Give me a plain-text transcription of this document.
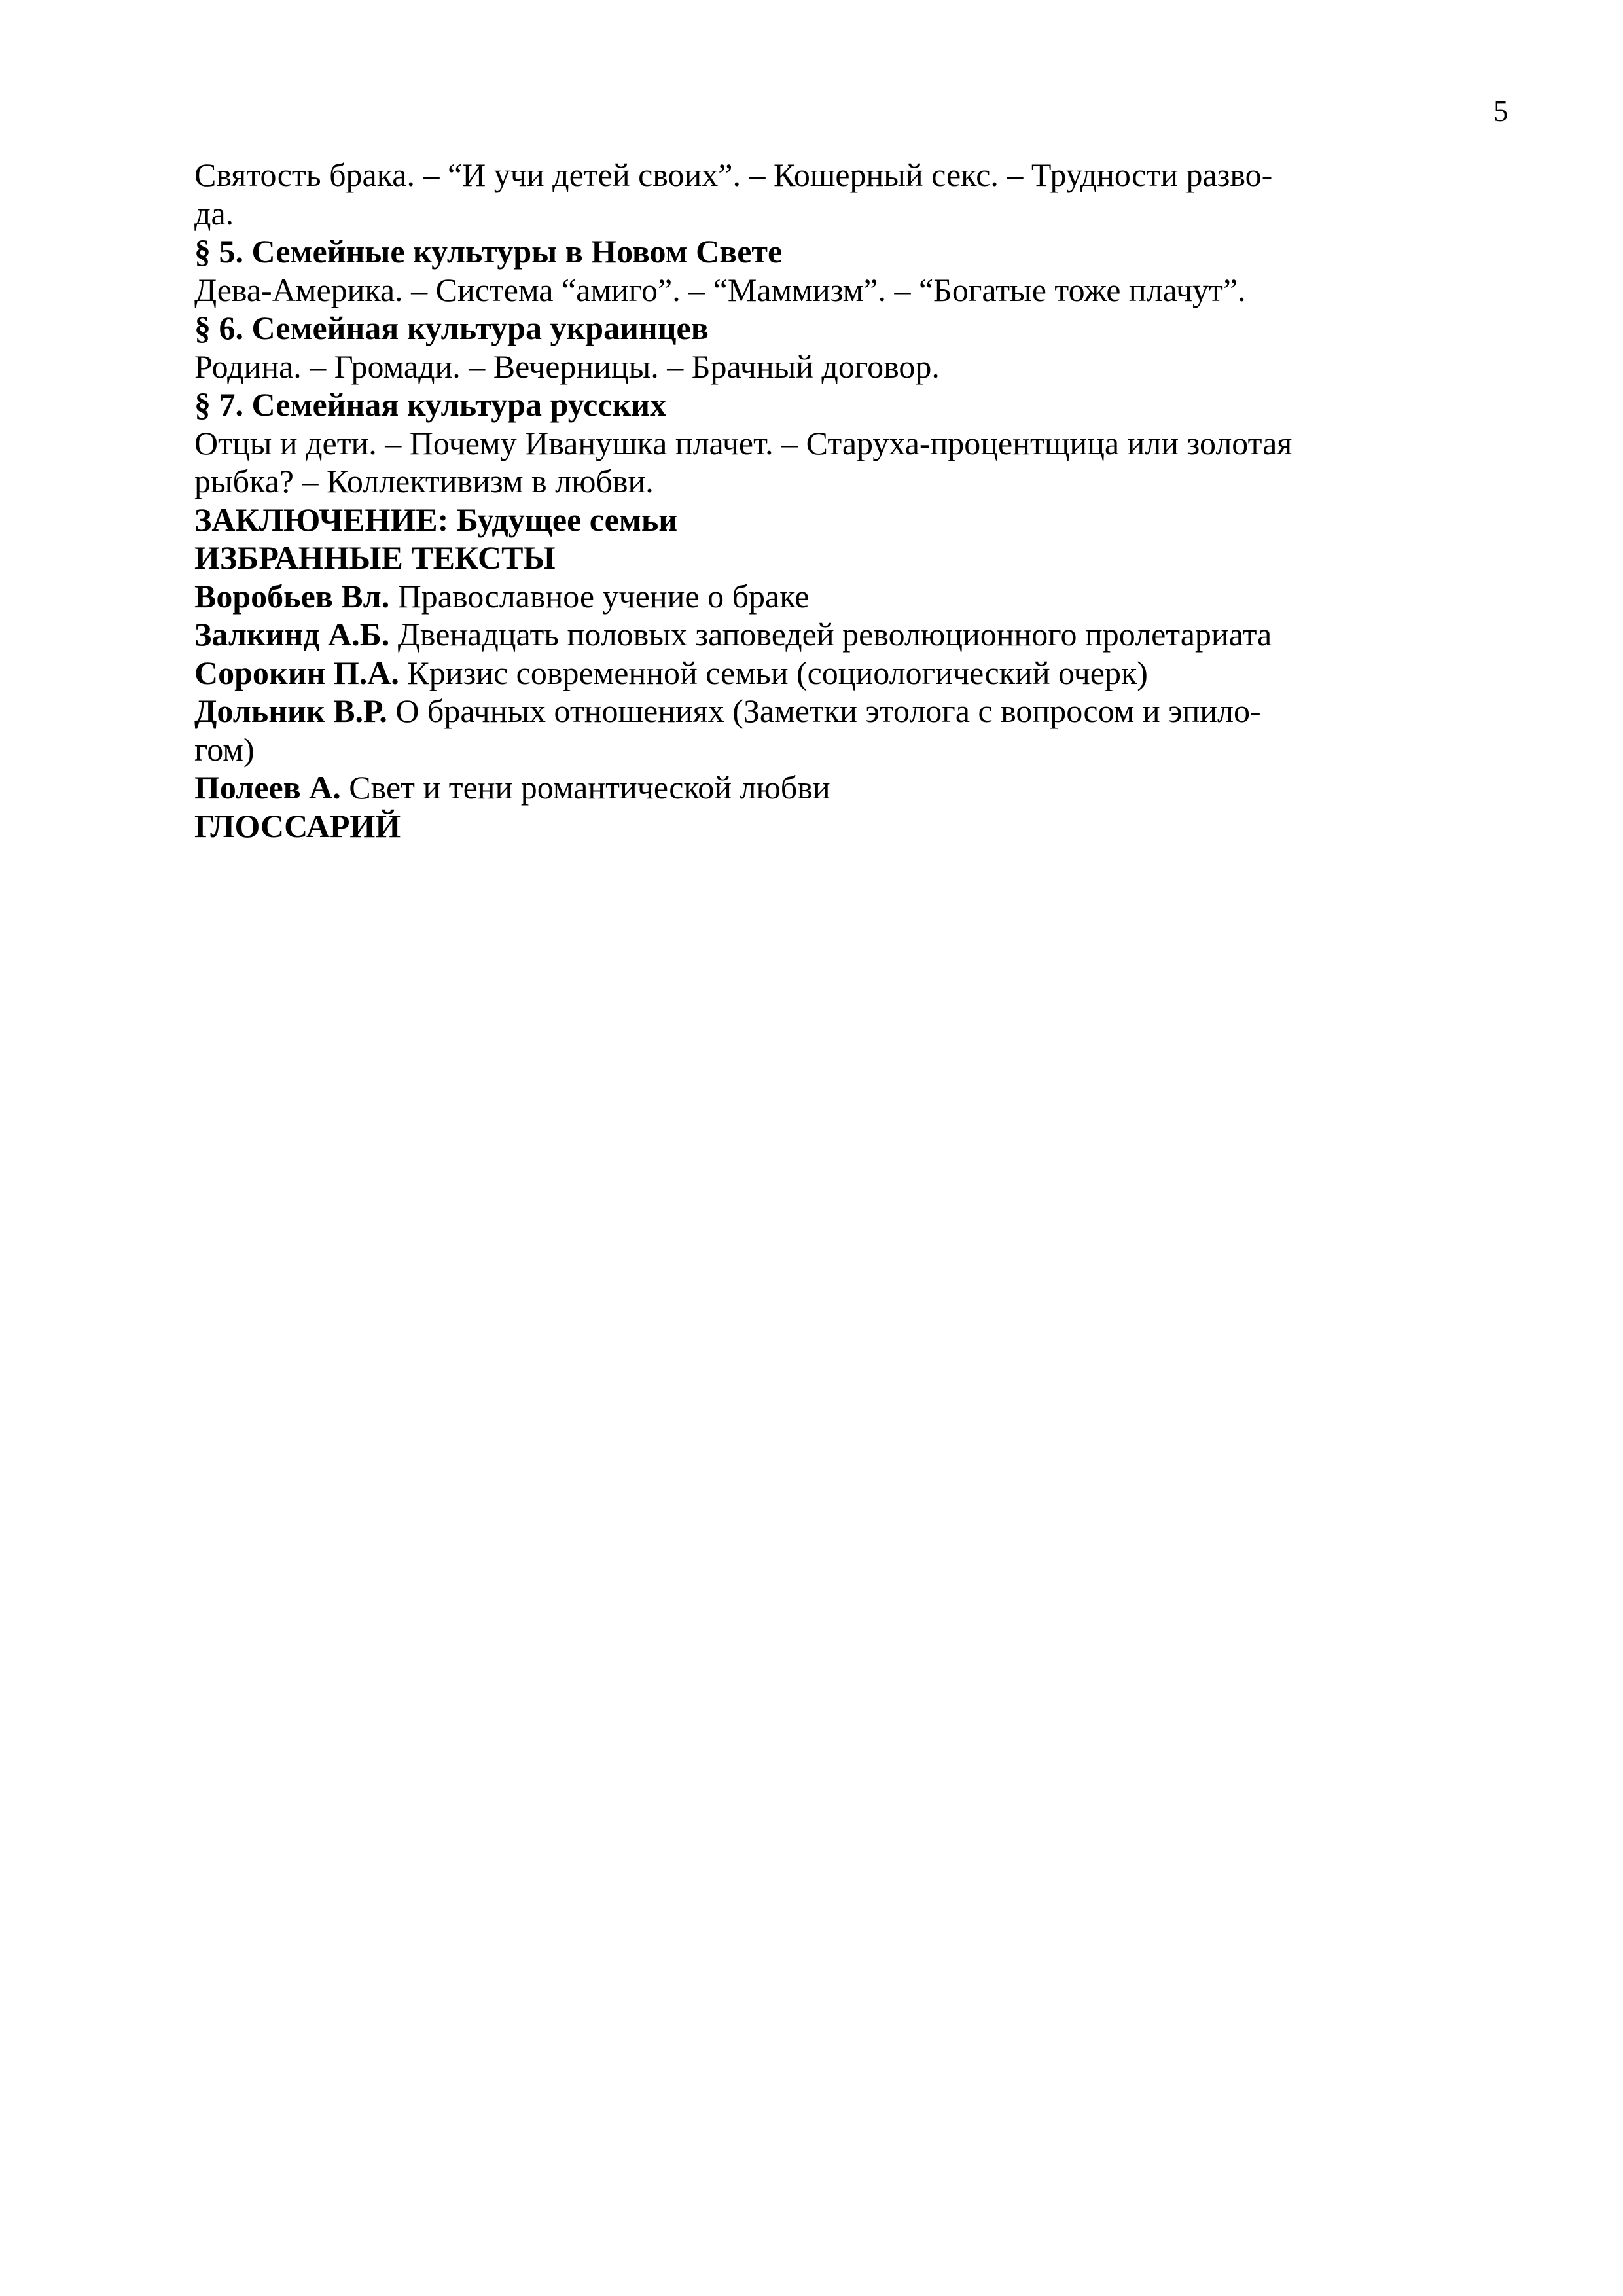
5
Святость брака. – “И учи детей своих”. – Кошерный секс. – Трудности разво-
да.
§ 5. Семейные культуры в Новом Свете
Дева-Америка. – Система “амиго”. – “Маммизм”. – “Богатые тоже плачут”.
§ 6. Семейная культура украинцев
Родина. – Громади. – Вечерницы. – Брачный договор.
§ 7. Семейная культура русских
Отцы и дети. – Почему Иванушка плачет. – Старуха-процентщица или золотая
рыбка? – Коллективизм в любви.
ЗАКЛЮЧЕНИЕ: Будущее семьи
ИЗБРАННЫЕ ТЕКСТЫ
Воробьев Вл. Православное учение о браке
Залкинд А.Б. Двенадцать половых заповедей революционного пролетариата
Сорокин П.А. Кризис современной семьи (социологический очерк)
Дольник В.Р. О брачных отношениях (Заметки этолога с вопросом и эпило-
гом)
Полеев А. Свет и тени романтической любви
ГЛОССАРИЙ
